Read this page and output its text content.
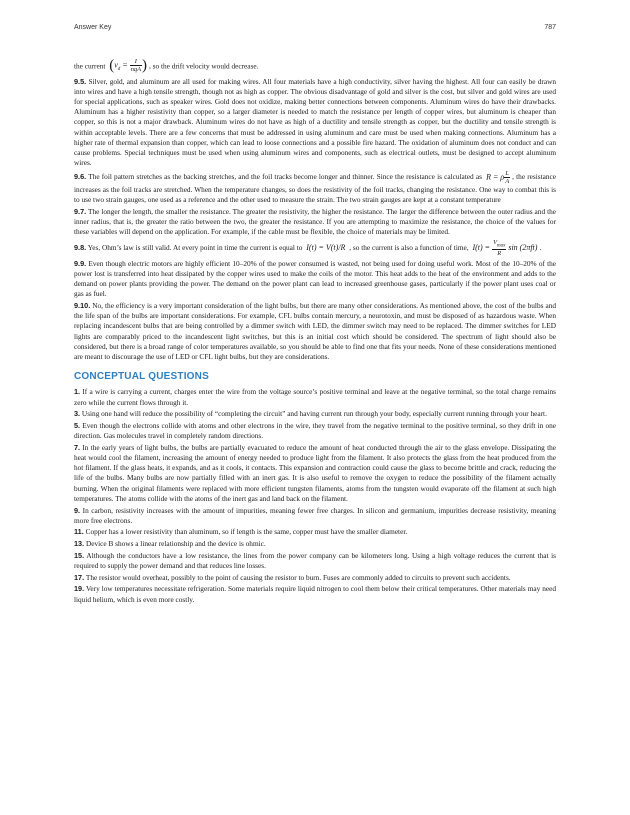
Answer Key	787

the current ($v_d = \frac{I}{\text{nqA}}$ ) , so the drift velocity would decrease.

9.5. Silver, gold, and aluminum are all used for making wires. All four materials have a high conductivity, silver having the highest. All four can easily be drawn into wires and have a high tensile strength, though not as high as copper. The obvious disadvantage of gold and silver is the cost, but silver and gold wires are used for special applications, such as speaker wires. Gold does not oxidize, making better connections between components. Aluminum wires do have their drawbacks. Aluminum has a higher resistivity than copper, so a larger diameter is needed to match the resistance per length of copper wires, but aluminum is cheaper than copper, so this is not a major drawback. Aluminum wires do not have as high of a ductility and tensile strength as copper, but the ductility and tensile strength is within acceptable levels. There are a few concerns that must be addressed in using aluminum and care must be used when making connections. Aluminum has a higher rate of thermal expansion than copper, which can lead to loose connections and a possible fire hazard. The oxidation of aluminum does not conduct and can cause problems. Special techniques must be used when using aluminum wires and components, such as electrical outlets, must be designed to accept aluminum wires.

9.6. The foil pattern stretches as the backing stretches, and the foil tracks become longer and thinner. Since the resistance is calculated as R = ρ $\frac{L}{A}$ , the resistance increases as the foil tracks are stretched. When the temperature changes, so does the resistivity of the foil tracks, changing the resistance. One way to combat this is to use two strain gauges, one used as a reference and the other used to measure the strain. The two strain gauges are kept at a constant temperature

9.7. The longer the length, the smaller the resistance. The greater the resistivity, the higher the resistance. The larger the difference between the outer radius and the inner radius, that is, the greater the ratio between the two, the greater the resistance. If you are attempting to maximize the resistance, the choice of the values for these variables will depend on the application. For example, if the cable must be flexible, the choice of materials may be limited.

9.8. Yes, Ohm’s law is still valid. At every point in time the current is equal to I(t) = V(t)/R , so the current is also a function of time, $I(t) = \frac{V_{max}}{R}$ sin (2πft) .

9.9. Even though electric motors are highly efficient 10–20% of the power consumed is wasted, not being used for doing useful work. Most of the 10–20% of the power lost is transferred into heat dissipated by the copper wires used to make the coils of the motor. This heat adds to the heat of the environment and adds to the demand on power plants providing the power. The demand on the power plant can lead to increased greenhouse gases, particularly if the power plant uses coal or gas as fuel.

9.10. No, the efficiency is a very important consideration of the light bulbs, but there are many other considerations. As mentioned above, the cost of the bulbs and the life span of the bulbs are important considerations. For example, CFL bulbs contain mercury, a neurotoxin, and must be disposed of as hazardous waste. When replacing incandescent bulbs that are being controlled by a dimmer switch with LED, the dimmer switch may need to be replaced. The dimmer switches for LED lights are comparably priced to the incandescent light switches, but this is an initial cost which should be considered. The spectrum of light should also be considered, but there is a broad range of color temperatures available, so you should be able to find one that fits your needs. None of these considerations mentioned are meant to discourage the use of LED or CFL light bulbs, but they are considerations.

CONCEPTUAL QUESTIONS

1. If a wire is carrying a current, charges enter the wire from the voltage source’s positive terminal and leave at the negative terminal, so the total charge remains zero while the current flows through it.

3. Using one hand will reduce the possibility of “completing the circuit” and having current run through your body, especially current running through your heart.

5. Even though the electrons collide with atoms and other electrons in the wire, they travel from the negative terminal to the positive terminal, so they drift in one direction. Gas molecules travel in completely random directions.

7. In the early years of light bulbs, the bulbs are partially evacuated to reduce the amount of heat conducted through the air to the glass envelope. Dissipating the heat would cool the filament, increasing the amount of energy needed to produce light from the filament. It also protects the glass from the heat produced from the hot filament. If the glass heats, it expands, and as it cools, it contacts. This expansion and contraction could cause the glass to become brittle and crack, reducing the life of the bulbs. Many bulbs are now partially filled with an inert gas. It is also useful to remove the oxygen to reduce the possibility of the filament actually burning. When the original filaments were replaced with more efficient tungsten filaments, atoms from the tungsten would evaporate off the filament at such high temperatures. The atoms collide with the atoms of the inert gas and land back on the filament.

9. In carbon, resistivity increases with the amount of impurities, meaning fewer free charges. In silicon and germanium, impurities decrease resistivity, meaning more free electrons.

11. Copper has a lower resistivity than aluminum, so if length is the same, copper must have the smaller diameter.

13. Device B shows a linear relationship and the device is ohmic.

15. Although the conductors have a low resistance, the lines from the power company can be kilometers long. Using a high voltage reduces the current that is required to supply the power demand and that reduces line losses.

17. The resistor would overheat, possibly to the point of causing the resistor to burn. Fuses are commonly added to circuits to prevent such accidents.

19. Very low temperatures necessitate refrigeration. Some materials require liquid nitrogen to cool them below their critical temperatures. Other materials may need liquid helium, which is even more costly.
